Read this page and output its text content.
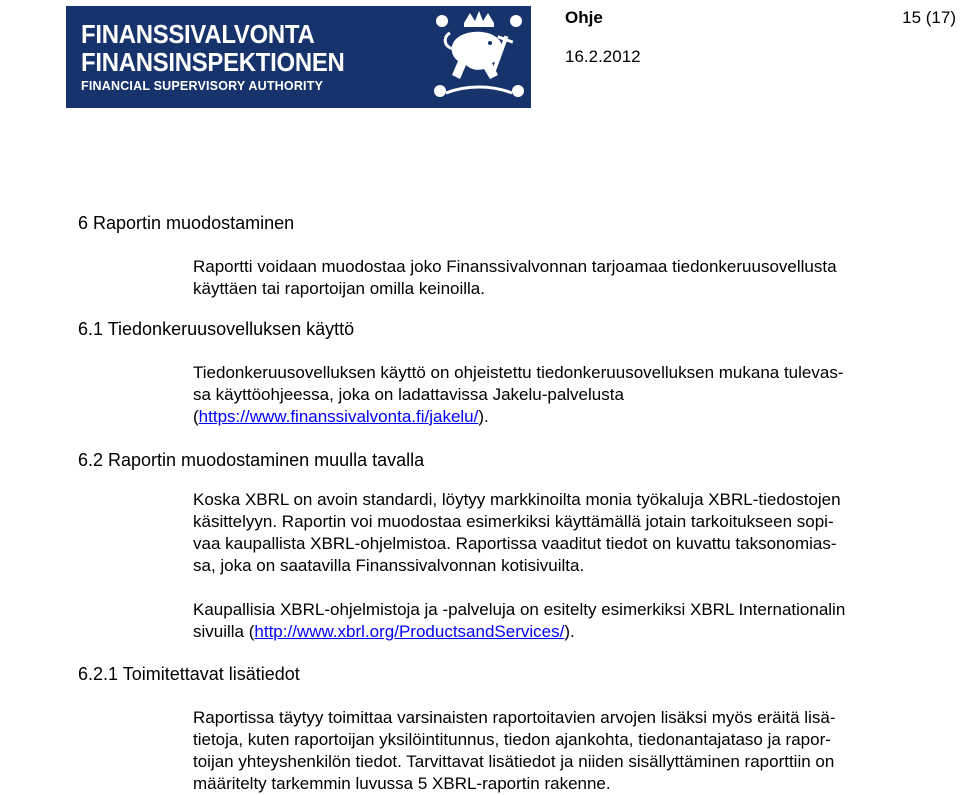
FINANSSIVALVONTA
FINANSINSPEKTIONEN
FINANCIAL SUPERVISORY AUTHORITY
Ohje	15 (17)
16.2.2012
6 Raportin muodostaminen
Raportti voidaan muodostaa joko Finanssivalvonnan tarjoamaa tiedonkeruusovellusta
käyttäen tai raportoijan omilla keinoilla.
6.1 Tiedonkeruusovelluksen käyttö
Tiedonkeruusovelluksen käyttö on ohjeistettu tiedonkeruusovelluksen mukana tulevas-
sa käyttöohjeessa, joka on ladattavissa Jakelu-palvelusta
(https://www.finanssivalvonta.fi/jakelu/).
6.2 Raportin muodostaminen muulla tavalla
Koska XBRL on avoin standardi, löytyy markkinoilta monia työkaluja XBRL-tiedostojen
käsittelyyn. Raportin voi muodostaa esimerkiksi käyttämällä jotain tarkoitukseen sopi-
vaa kaupallista XBRL-ohjelmistoa. Raportissa vaaditut tiedot on kuvattu taksonomias-
sa, joka on saatavilla Finanssivalvonnan kotisivuilta.
Kaupallisia XBRL-ohjelmistoja ja -palveluja on esitelty esimerkiksi XBRL Internationalin
sivuilla (http://www.xbrl.org/ProductsandServices/).
6.2.1 Toimitettavat lisätiedot
Raportissa täytyy toimittaa varsinaisten raportoitavien arvojen lisäksi myös eräitä lisä-
tietoja, kuten raportoijan yksilöintitunnus, tiedon ajankohta, tiedonantajataso ja rapor-
toijan yhteyshenkilön tiedot. Tarvittavat lisätiedot ja niiden sisällyttäminen raporttiin on
määritelty tarkemmin luvussa 5 XBRL-raportin rakenne.
